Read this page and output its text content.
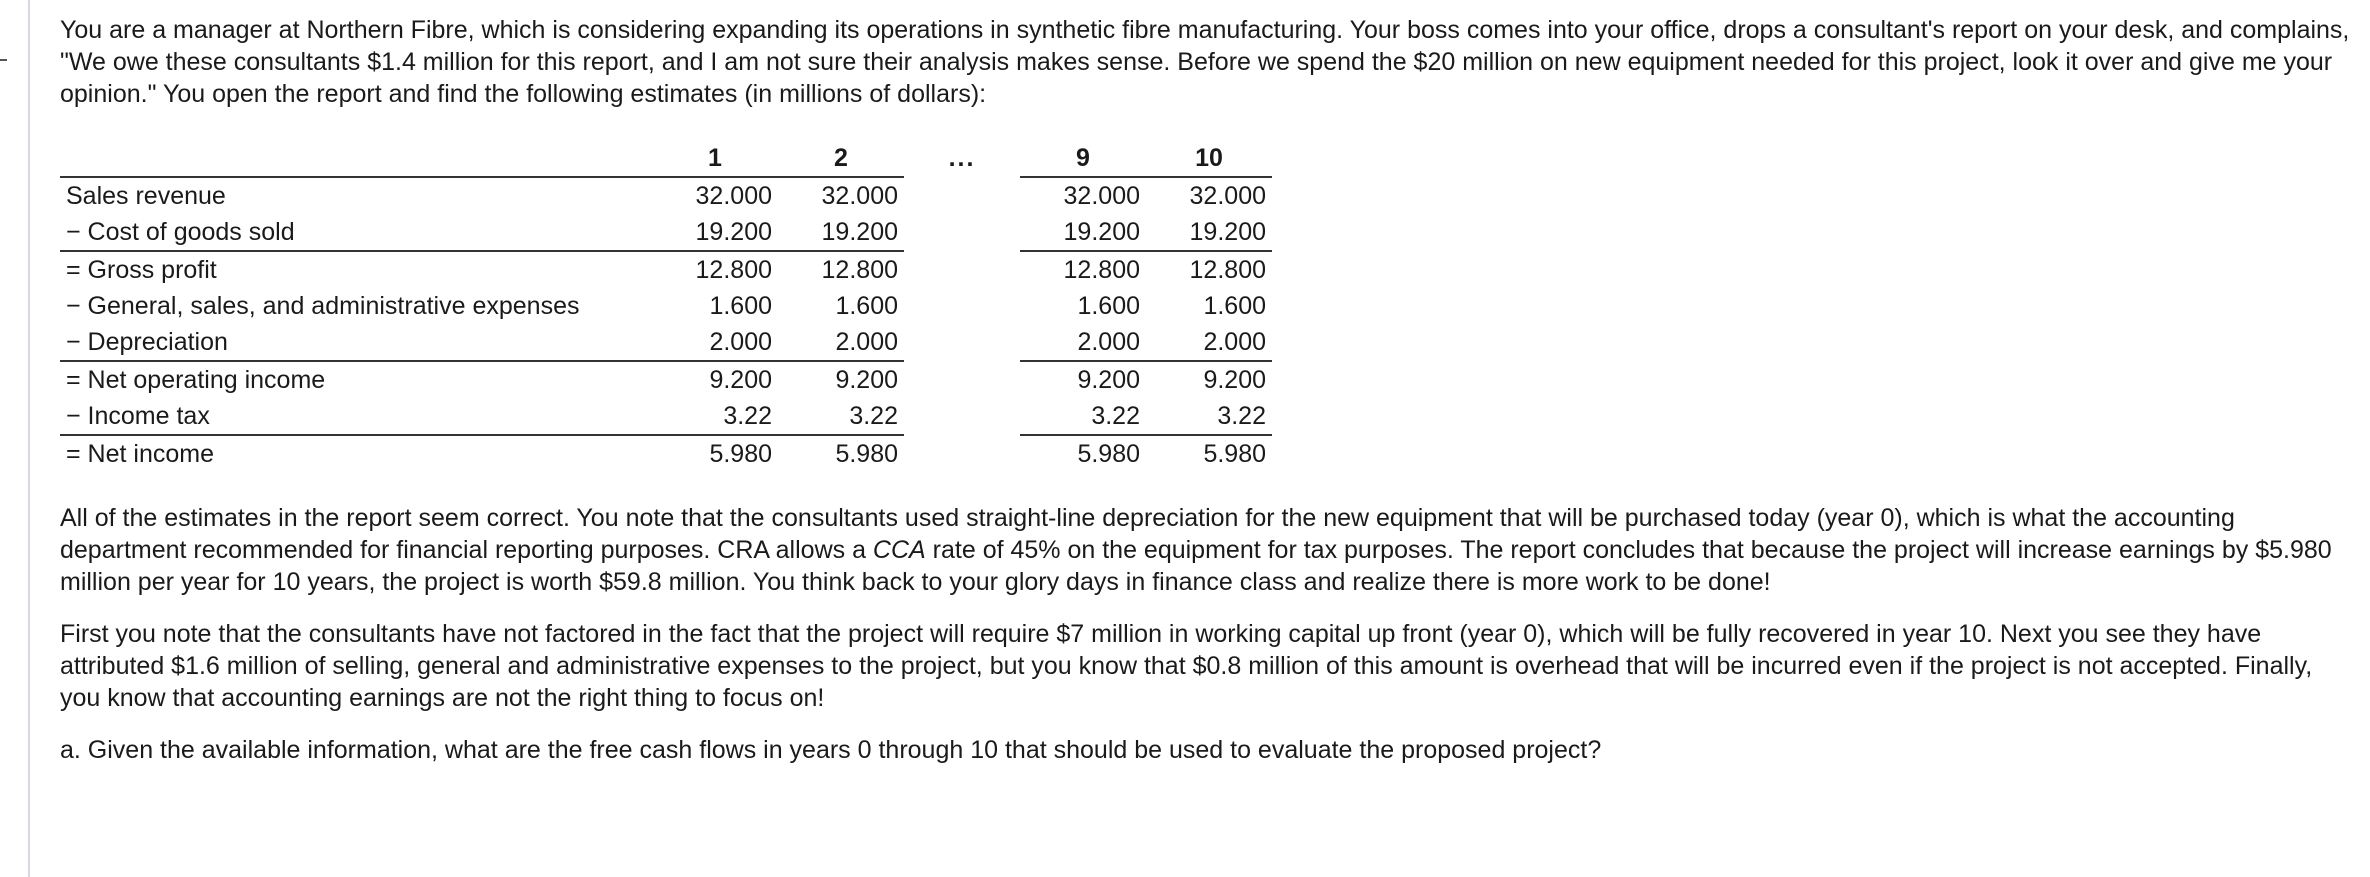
You are a manager at Northern Fibre, which is considering expanding its operations in synthetic fibre manufacturing. Your boss comes into your office, drops a consultant's report on your desk, and complains, "We owe these consultants $1.4 million for this report, and I am not sure their analysis makes sense. Before we spend the $20 million on new equipment needed for this project, look it over and give me your opinion." You open the report and find the following estimates (in millions of dollars):

	1	2	...	9	10
Sales revenue	32.000	32.000		32.000	32.000
− Cost of goods sold	19.200	19.200		19.200	19.200
= Gross profit	12.800	12.800		12.800	12.800
− General, sales, and administrative expenses	1.600	1.600		1.600	1.600
− Depreciation	2.000	2.000		2.000	2.000
= Net operating income	9.200	9.200		9.200	9.200
− Income tax	3.22	3.22		3.22	3.22
= Net income	5.980	5.980		5.980	5.980

All of the estimates in the report seem correct. You note that the consultants used straight-line depreciation for the new equipment that will be purchased today (year 0), which is what the accounting department recommended for financial reporting purposes. CRA allows a CCA rate of 45% on the equipment for tax purposes. The report concludes that because the project will increase earnings by $5.980 million per year for 10 years, the project is worth $59.8 million. You think back to your glory days in finance class and realize there is more work to be done!

First you note that the consultants have not factored in the fact that the project will require $7 million in working capital up front (year 0), which will be fully recovered in year 10. Next you see they have attributed $1.6 million of selling, general and administrative expenses to the project, but you know that $0.8 million of this amount is overhead that will be incurred even if the project is not accepted. Finally, you know that accounting earnings are not the right thing to focus on!

a. Given the available information, what are the free cash flows in years 0 through 10 that should be used to evaluate the proposed project?
